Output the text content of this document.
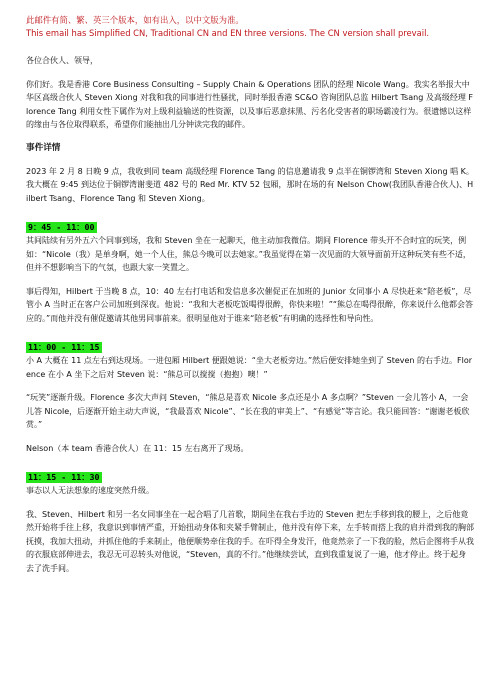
此邮件有简、繁、英三个版本，如有出入，以中文版为准。
This email has Simplified CN, Traditional CN and EN three versions. The CN version shall prevail.

各位合伙人、领导，

你们好。我是香港 Core Business Consulting – Supply Chain & Operations 团队的经理 Nicole Wang。我实名举报大中华区高级合伙人 Steven Xiong 对我和我的同事进行性骚扰，同时举报香港 SC&O 咨询团队总监 Hilbert Tsang 及高级经理 Florence Tang 利用女性下属作为对上级利益输送的性资源，以及事后恶意抹黑、污名化受害者的职场霸凌行为。很遗憾以这样的缘由与各位取得联系，希望你们能抽出几分钟读完我的邮件。

事件详情

2023 年 2 月 8 日晚 9 点，我收到同 team 高级经理 Florence Tang 的信息邀请我 9 点半在铜锣湾和 Steven Xiong 唱 K。我大概在 9:45 到达位于铜锣湾谢斐道 482 号的 Red Mr. KTV 52 包厢，那时在场的有 Nelson Chow(我团队香港合伙人)、Hilbert Tsang、Florence Tang 和 Steven Xiong。

9：45 - 11：00

其间陆续有另外五六个同事到场，我和 Steven 坐在一起聊天，他主动加我微信。期间 Florence 带头开不合时宜的玩笑，例如：“Nicole（我）是单身啊，她一个人住，熊总今晚可以去她家。”我虽觉得在第一次见面的大领导面前开这种玩笑有些不适，但并不想影响当下的气氛，也跟大家一笑置之。

事后得知，Hilbert 于当晚 8 点，10：40 左右打电话和发信息多次催促正在加班的 Junior 女同事小 A 尽快赶来“陪老板”，尽管小 A 当时正在客户公司加班到深夜。他说：“我和大老板吃饭喝得很醉，你快来啦！”“熊总在喝得很醉，你来说什么他都会答应的。”而他并没有催促邀请其他男同事前来。很明显他对于谁来“陪老板”有明确的选择性和导向性。

11：00 - 11：15

小 A 大概在 11 点左右到达现场。一进包厢 Hilbert 便跟她说：“坐大老板旁边。”然后便安排她坐到了 Steven 的右手边。Florence 在小 A 坐下之后对 Steven 说：“熊总可以搅搅（抱抱）噢！”

“玩笑”逐渐升级。Florence 多次大声问 Steven，“熊总是喜欢 Nicole 多点还是小 A 多点啊？”Steven 一会儿答小 A，一会儿答 Nicole，后逐渐开始主动大声说，“我最喜欢 Nicole”、“长在我的审美上”、“有感觉”等言论。我只能回答：“谢谢老板欣赏。”

Nelson（本 team 香港合伙人）在 11：15 左右离开了现场。

11：15 - 11：30

事态以人无法想象的速度突然升级。

我、Steven、Hilbert 和另一名女同事坐在一起合唱了几首歌，期间坐在我右手边的 Steven 把左手移到我的腰上，之后他竟然开始将手往上移，我意识到事情严重，开始扭动身体和夹紧手臂制止，他并没有停下来，左手转而搭上我的肩并滑到我的胸部抚摸，我加大扭动，并抓住他的手来制止，他便顺势牵住我的手。在吓得全身发汗，他竟然亲了一下我的脸，然后企图将手从我的衣服底部伸进去，我忍无可忍转头对他说，“Steven，真的不行。”他继续尝试，直到我重复说了一遍，他才停止。终于起身去了洗手间。
